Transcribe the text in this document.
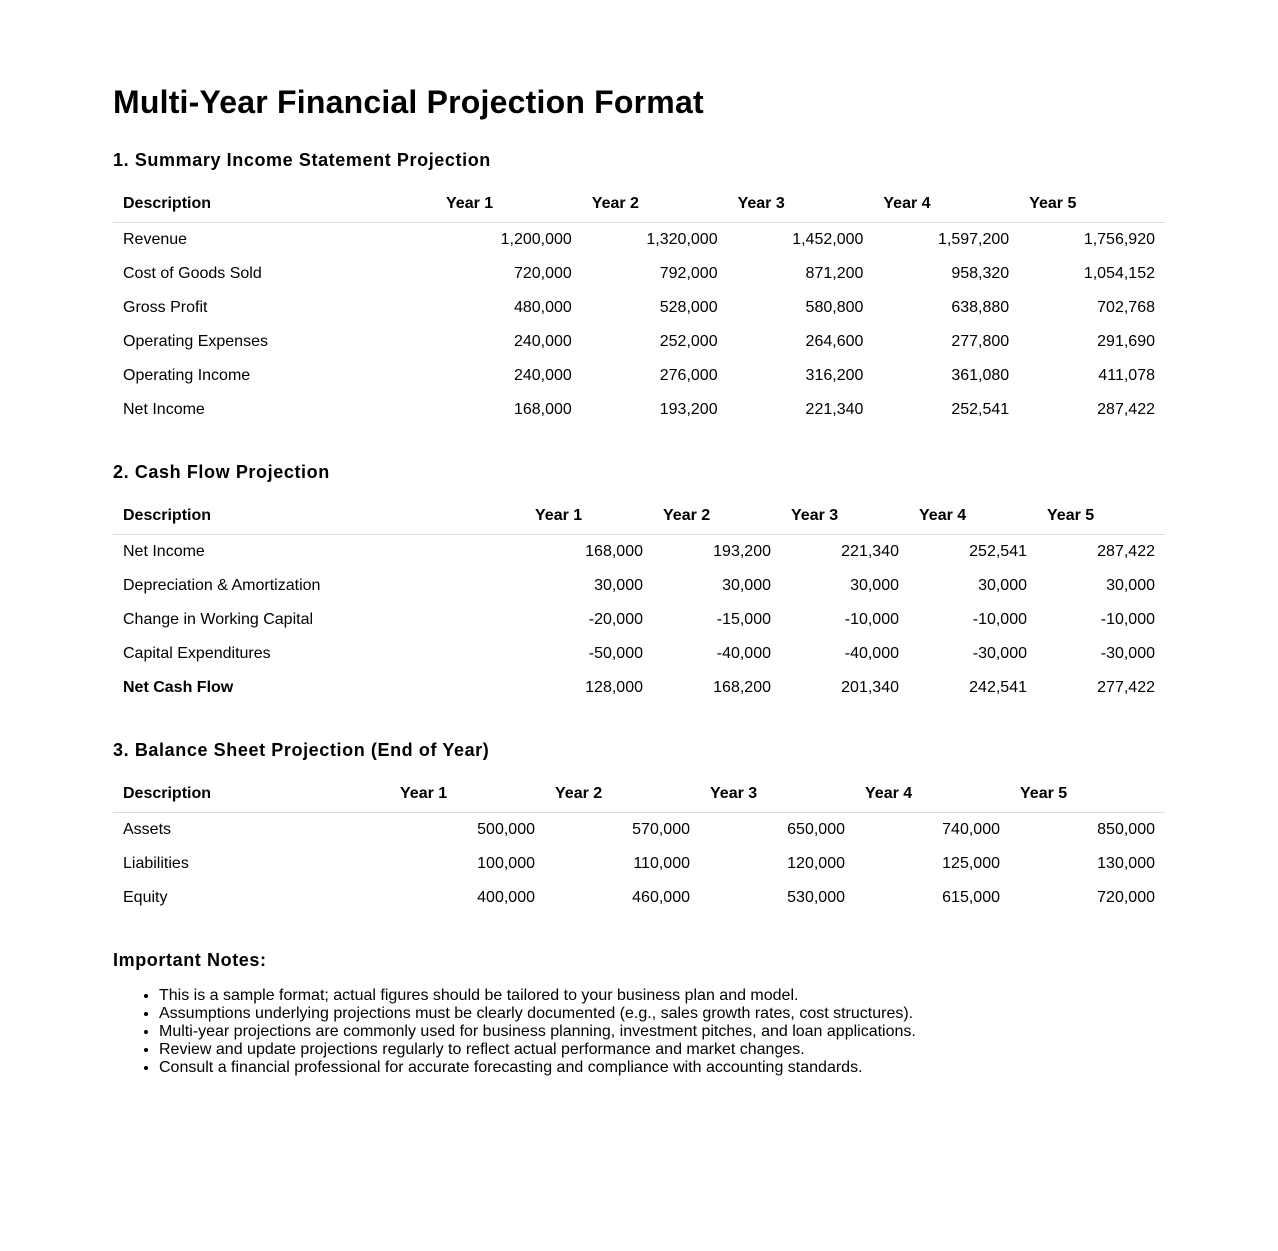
Multi-Year Financial Projection Format
1. Summary Income Statement Projection
Description	Year 1	Year 2	Year 3	Year 4	Year 5
Revenue	1,200,000	1,320,000	1,452,000	1,597,200	1,756,920
Cost of Goods Sold	720,000	792,000	871,200	958,320	1,054,152
Gross Profit	480,000	528,000	580,800	638,880	702,768
Operating Expenses	240,000	252,000	264,600	277,800	291,690
Operating Income	240,000	276,000	316,200	361,080	411,078
Net Income	168,000	193,200	221,340	252,541	287,422
2. Cash Flow Projection
Description	Year 1	Year 2	Year 3	Year 4	Year 5
Net Income	168,000	193,200	221,340	252,541	287,422
Depreciation & Amortization	30,000	30,000	30,000	30,000	30,000
Change in Working Capital	-20,000	-15,000	-10,000	-10,000	-10,000
Capital Expenditures	-50,000	-40,000	-40,000	-30,000	-30,000
Net Cash Flow	128,000	168,200	201,340	242,541	277,422
3. Balance Sheet Projection (End of Year)
Description	Year 1	Year 2	Year 3	Year 4	Year 5
Assets	500,000	570,000	650,000	740,000	850,000
Liabilities	100,000	110,000	120,000	125,000	130,000
Equity	400,000	460,000	530,000	615,000	720,000
Important Notes:
• This is a sample format; actual figures should be tailored to your business plan and model.
• Assumptions underlying projections must be clearly documented (e.g., sales growth rates, cost structures).
• Multi-year projections are commonly used for business planning, investment pitches, and loan applications.
• Review and update projections regularly to reflect actual performance and market changes.
• Consult a financial professional for accurate forecasting and compliance with accounting standards.
